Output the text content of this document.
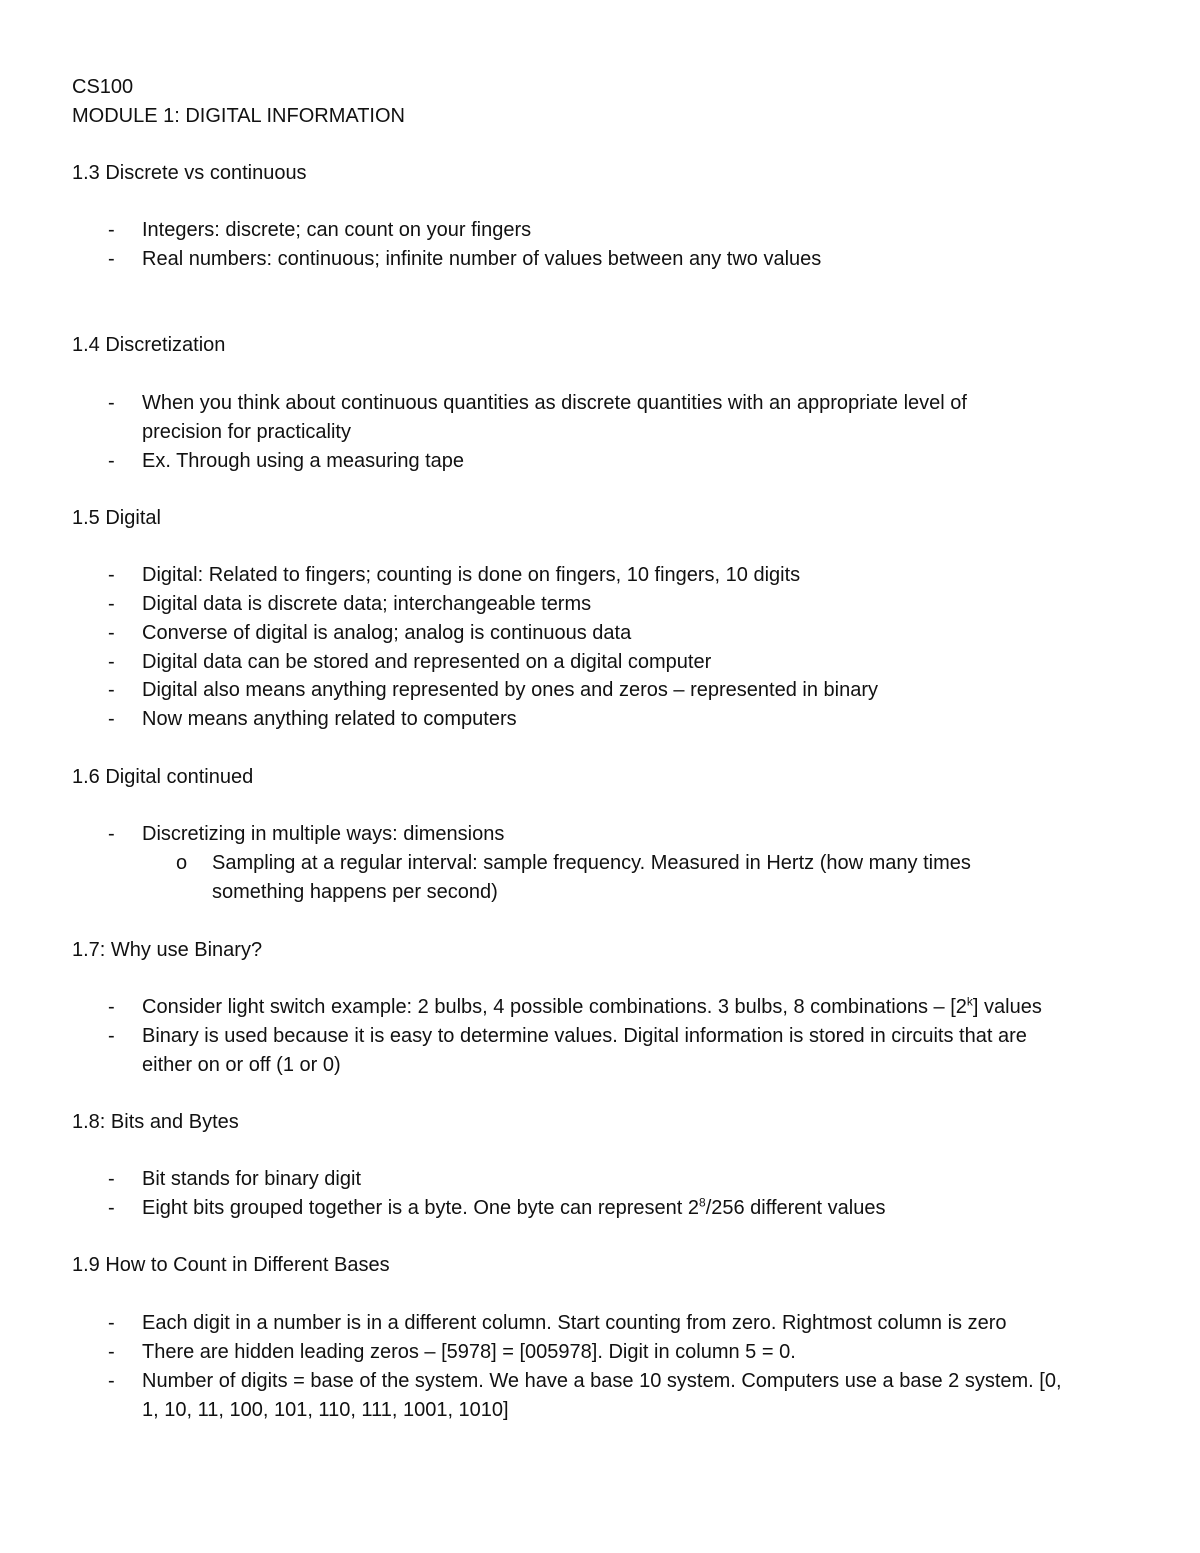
CS100
MODULE 1: DIGITAL INFORMATION
1.3 Discrete vs continuous
- Integers: discrete; can count on your fingers
- Real numbers: continuous; infinite number of values between any two values
1.4 Discretization
- When you think about continuous quantities as discrete quantities with an appropriate level of
precision for practicality
- Ex. Through using a measuring tape
1.5 Digital
- Digital: Related to fingers; counting is done on fingers, 10 fingers, 10 digits
- Digital data is discrete data; interchangeable terms
- Converse of digital is analog; analog is continuous data
- Digital data can be stored and represented on a digital computer
- Digital also means anything represented by ones and zeros – represented in binary
- Now means anything related to computers
1.6 Digital continued
- Discretizing in multiple ways: dimensions
o Sampling at a regular interval: sample frequency. Measured in Hertz (how many times
something happens per second)
1.7: Why use Binary?
- Consider light switch example: 2 bulbs, 4 possible combinations. 3 bulbs, 8 combinations – [2$^k$] values
- Binary is used because it is easy to determine values. Digital information is stored in circuits that are
either on or off (1 or 0)
1.8: Bits and Bytes
- Bit stands for binary digit
- Eight bits grouped together is a byte. One byte can represent $2^8/256$ different values
1.9 How to Count in Different Bases
- Each digit in a number is in a different column. Start counting from zero. Rightmost column is zero
- There are hidden leading zeros – [5978] = [005978]. Digit in column 5 = 0.
- Number of digits = base of the system. We have a base 10 system. Computers use a base 2 system. [0,
1, 10, 11, 100, 101, 110, 111, 1001, 1010]
